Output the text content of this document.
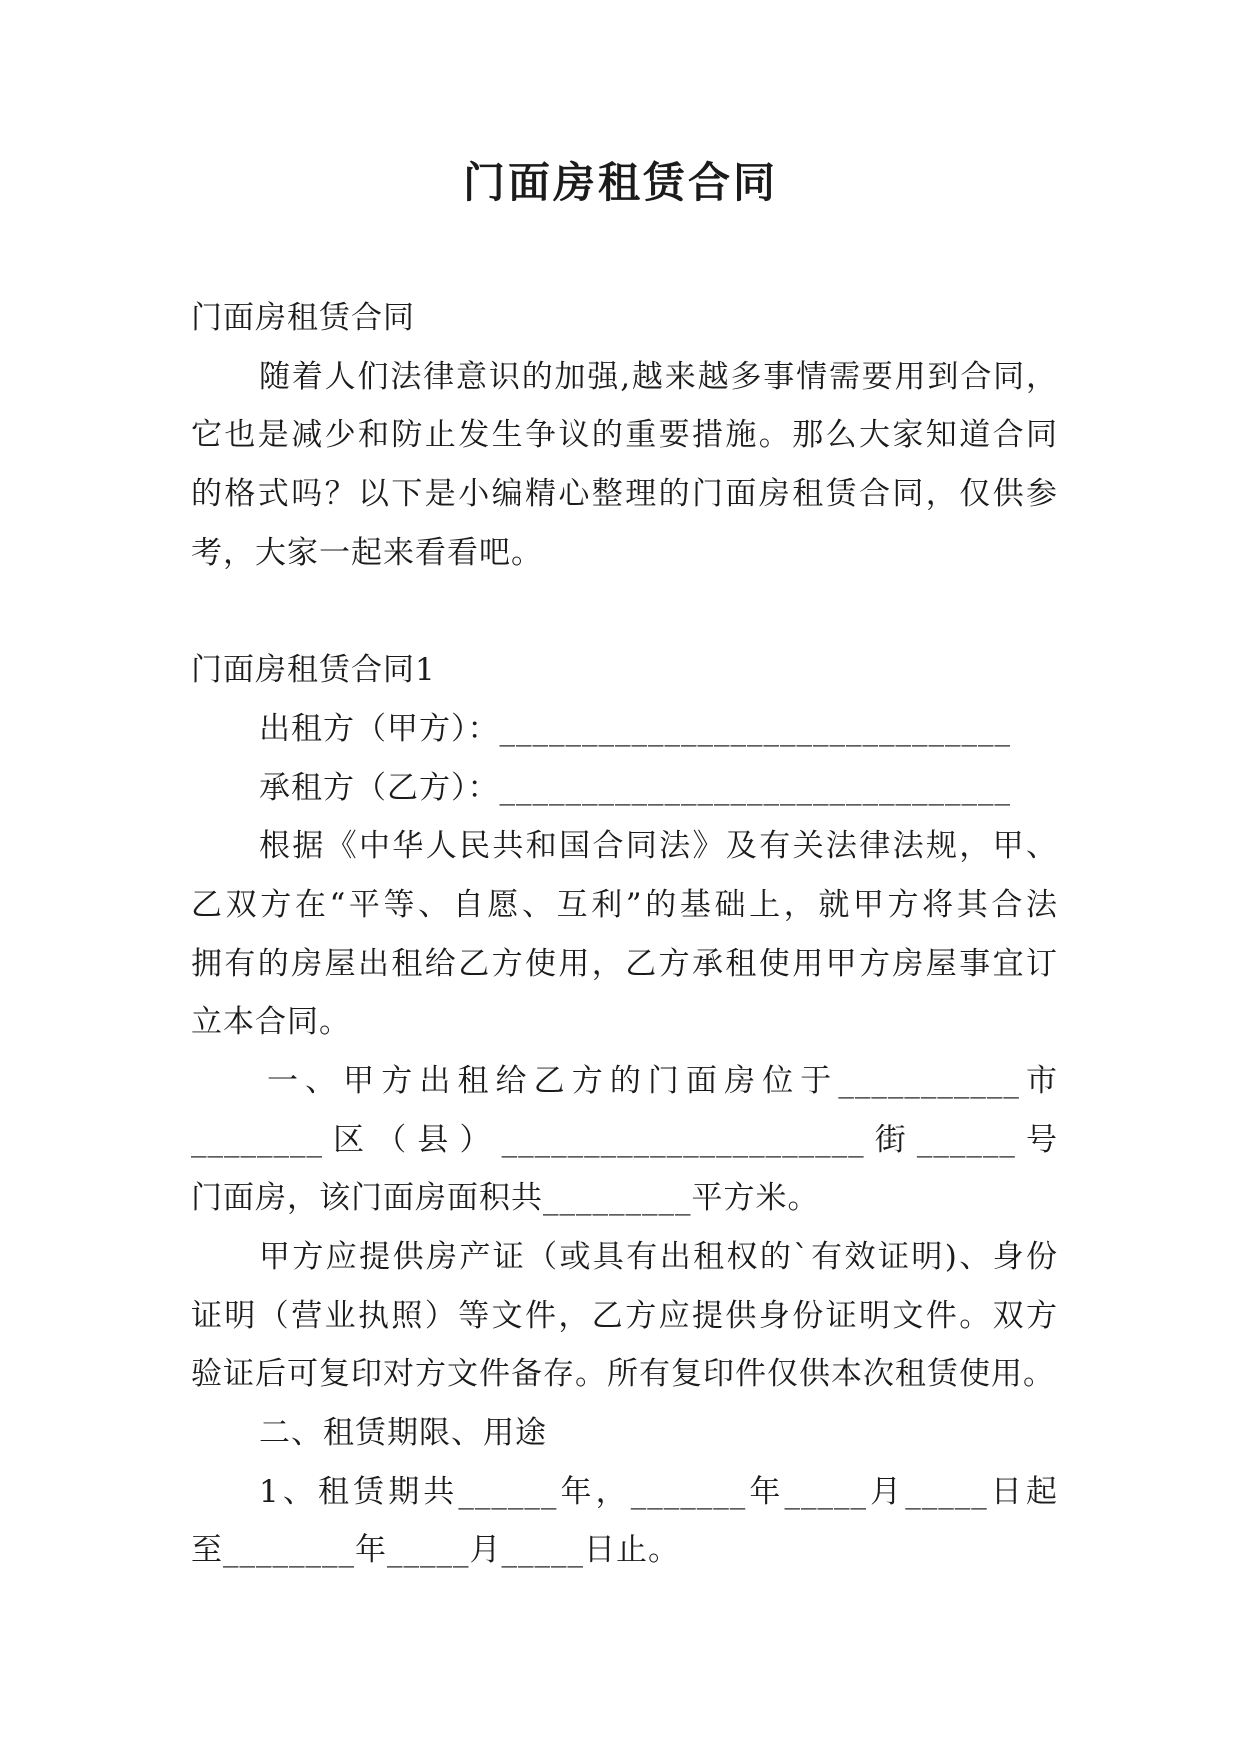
门面房租赁合同
门面房租赁合同
随着人们法律意识的加强,越来越多事情需要用到合同，
它也是减少和防止发生争议的重要措施。那么大家知道合同
的格式吗？以下是小编精心整理的门面房租赁合同，仅供参
考，大家一起来看看吧。
门面房租赁合同1
出租方（甲方）：_______________________________
承租方（乙方）：_______________________________
根据《中华人民共和国合同法》及有关法律法规，甲、
乙双方在“平等、自愿、互利”的基础上，就甲方将其合法
拥有的房屋出租给乙方使用，乙方承租使用甲方房屋事宜订
立本合同。
一、甲方出租给乙方的门面房位于___________市
________区（县）______________________街______号
门面房，该门面房面积共_________平方米。
甲方应提供房产证（或具有出租权的`有效证明)、身份
证明（营业执照）等文件，乙方应提供身份证明文件。双方
验证后可复印对方文件备存。所有复印件仅供本次租赁使用。
二、租赁期限、用途
1、租赁期共______年，_______年_____月_____日起
至________年_____月_____日止。
